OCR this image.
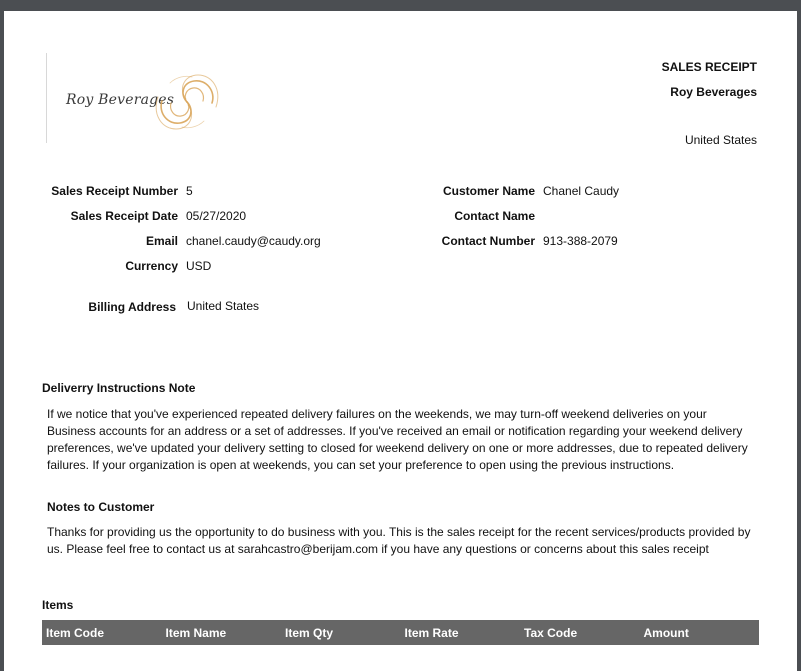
Roy Beverages
SALES RECEIPT
Roy Beverages
United States
Sales Receipt Number 5
Sales Receipt Date 05/27/2020
Email chanel.caudy@caudy.org
Currency USD
Billing Address United States
Customer Name Chanel Caudy
Contact Name
Contact Number 913-388-2079
Deliverry Instructions Note
If we notice that you've experienced repeated delivery failures on the weekends, we may turn-off weekend deliveries on your
Business accounts for an address or a set of addresses. If you've received an email or notification regarding your weekend delivery
preferences, we've updated your delivery setting to closed for weekend delivery on one or more addresses, due to repeated delivery
failures. If your organization is open at weekends, you can set your preference to open using the previous instructions.
Notes to Customer
Thanks for providing us the opportunity to do business with you. This is the sales receipt for the recent services/products provided by
us. Please feel free to contact us at sarahcastro@berijam.com if you have any questions or concerns about this sales receipt
Items
Item Code	Item Name	Item Qty	Item Rate	Tax Code	Amount
